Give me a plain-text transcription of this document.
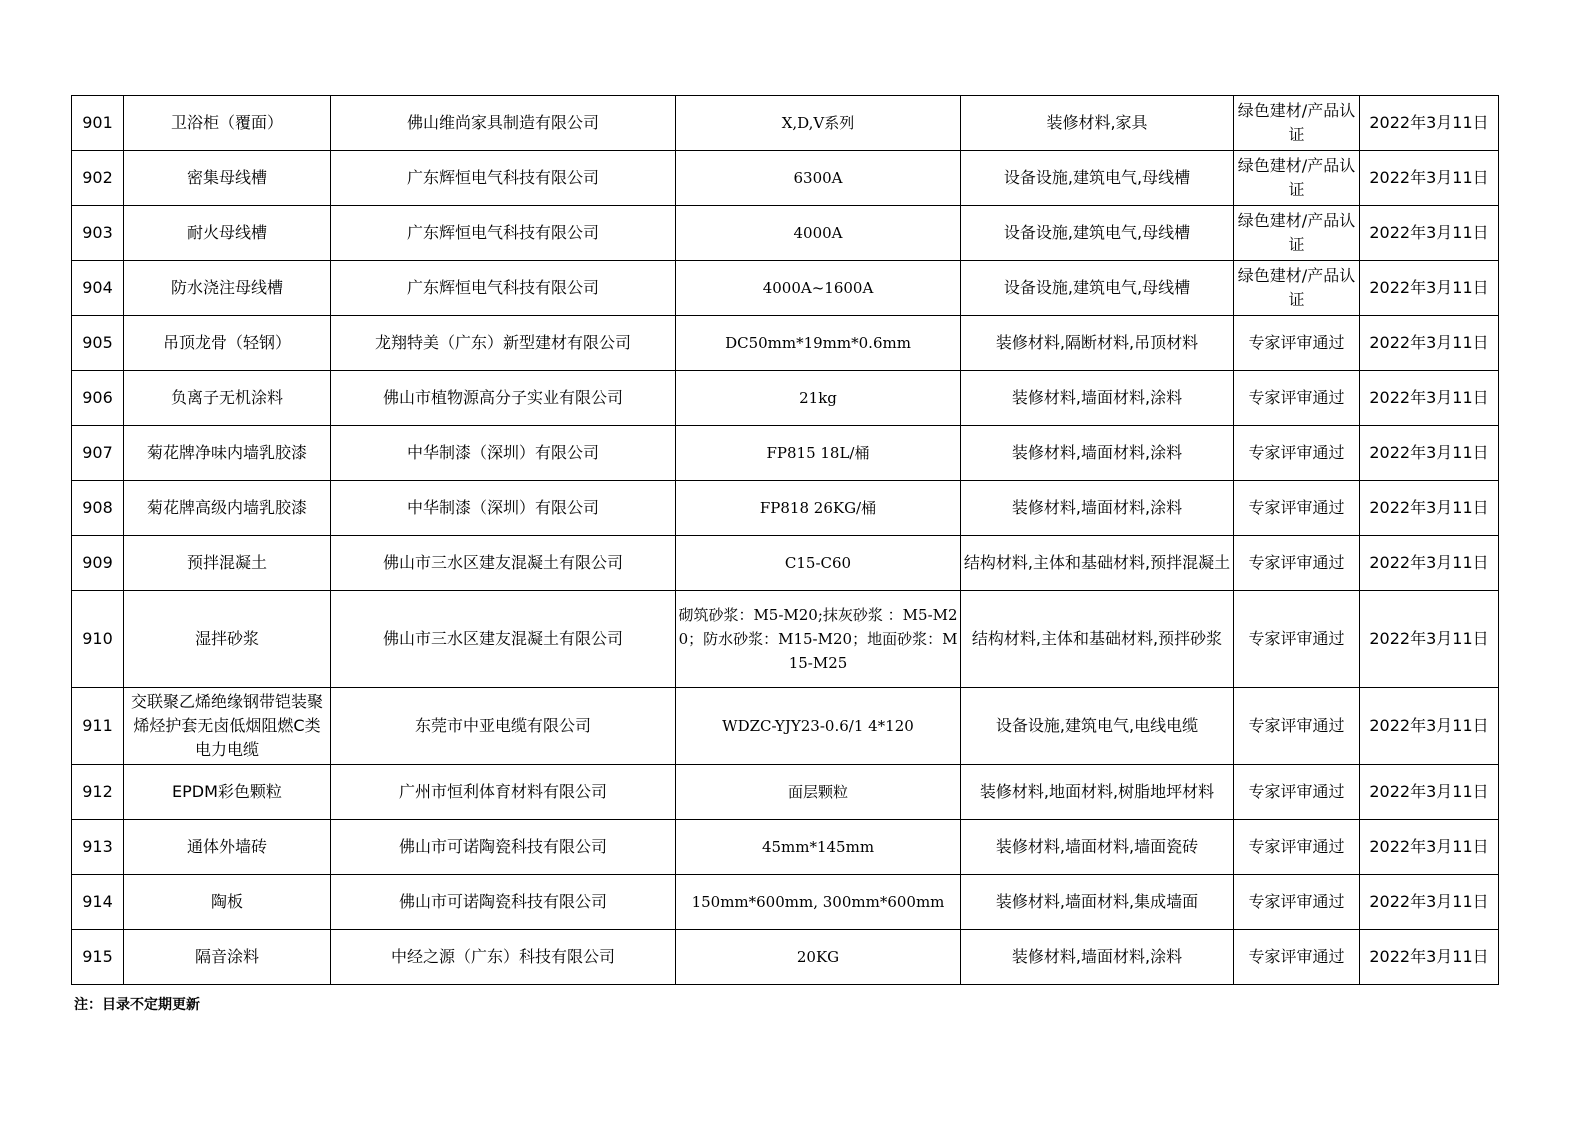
901	卫浴柜（覆面）	佛山维尚家具制造有限公司	X,D,V系列	装修材料,家具	绿色建材/产品认证	2022年3月11日
902	密集母线槽	广东辉恒电气科技有限公司	6300A	设备设施,建筑电气,母线槽	绿色建材/产品认证	2022年3月11日
903	耐火母线槽	广东辉恒电气科技有限公司	4000A	设备设施,建筑电气,母线槽	绿色建材/产品认证	2022年3月11日
904	防水浇注母线槽	广东辉恒电气科技有限公司	4000A~1600A	设备设施,建筑电气,母线槽	绿色建材/产品认证	2022年3月11日
905	吊顶龙骨（轻钢）	龙翔特美（广东）新型建材有限公司	DC50mm*19mm*0.6mm	装修材料,隔断材料,吊顶材料	专家评审通过	2022年3月11日
906	负离子无机涂料	佛山市植物源高分子实业有限公司	21kg	装修材料,墙面材料,涂料	专家评审通过	2022年3月11日
907	菊花牌净味内墙乳胶漆	中华制漆（深圳）有限公司	FP815 18L/桶	装修材料,墙面材料,涂料	专家评审通过	2022年3月11日
908	菊花牌高级内墙乳胶漆	中华制漆（深圳）有限公司	FP818 26KG/桶	装修材料,墙面材料,涂料	专家评审通过	2022年3月11日
909	预拌混凝土	佛山市三水区建友混凝土有限公司	C15-C60	结构材料,主体和基础材料,预拌混凝土	专家评审通过	2022年3月11日
910	湿拌砂浆	佛山市三水区建友混凝土有限公司	砌筑砂浆：M5-M20;抹灰砂浆 ：M5-M20；防水砂浆：M15-M20；地面砂浆：M15-M25	结构材料,主体和基础材料,预拌砂浆	专家评审通过	2022年3月11日
911	交联聚乙烯绝缘钢带铠装聚烯烃护套无卤低烟阻燃C类电力电缆	东莞市中亚电缆有限公司	WDZC-YJY23-0.6/1 4*120	设备设施,建筑电气,电线电缆	专家评审通过	2022年3月11日
912	EPDM彩色颗粒	广州市恒利体育材料有限公司	面层颗粒	装修材料,地面材料,树脂地坪材料	专家评审通过	2022年3月11日
913	通体外墙砖	佛山市可诺陶瓷科技有限公司	45mm*145mm	装修材料,墙面材料,墙面瓷砖	专家评审通过	2022年3月11日
914	陶板	佛山市可诺陶瓷科技有限公司	150mm*600mm, 300mm*600mm	装修材料,墙面材料,集成墙面	专家评审通过	2022年3月11日
915	隔音涂料	中经之源（广东）科技有限公司	20KG	装修材料,墙面材料,涂料	专家评审通过	2022年3月11日
注：目录不定期更新
